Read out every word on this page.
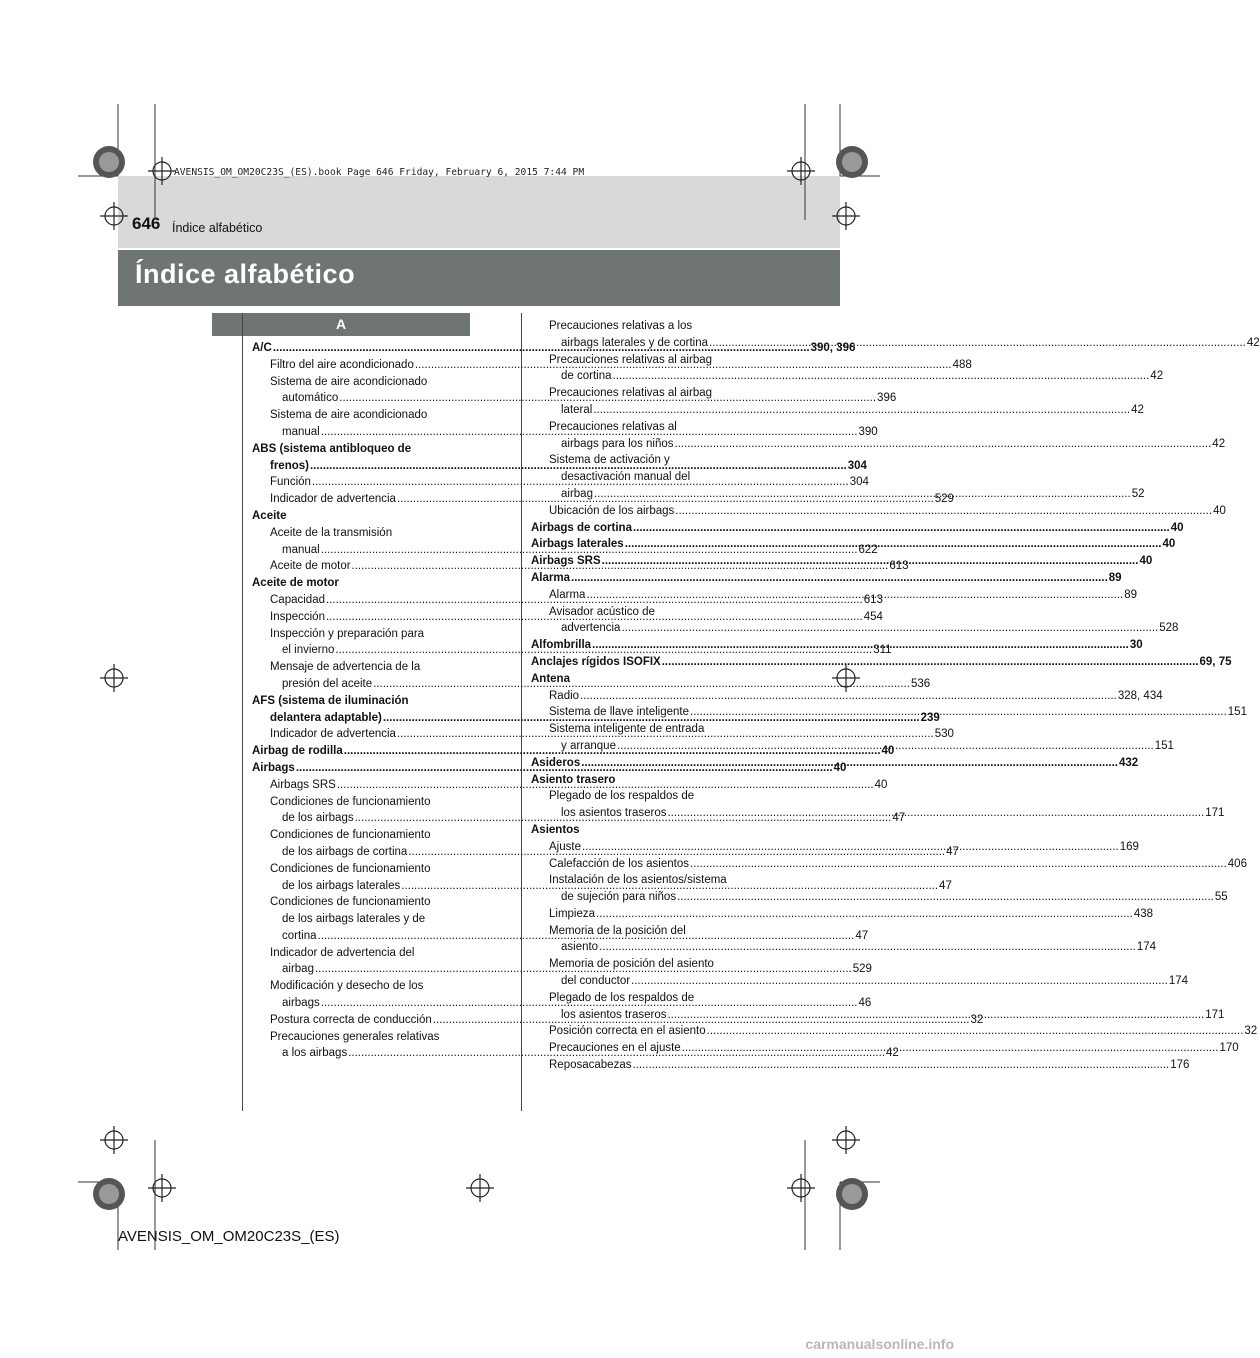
AVENSIS_OM_OM20C23S_(ES).book Page 646 Friday, February 6, 2015 7:44 PM
646 Índice alfabético
Índice alfabético
A
A/C .....	390, 396
Filtro del aire acondicionado .....	488
Sistema de aire acondicionado
automático .....	396
Sistema de aire acondicionado
manual .....	390
ABS (sistema antibloqueo de
frenos) .....	304
Función .....	304
Indicador de advertencia .....	529
Aceite
Aceite de la transmisión
manual .....	622
Aceite de motor .....	613
Aceite de motor
Capacidad .....	613
Inspección .....	454
Inspección y preparación para
el invierno .....	311
Mensaje de advertencia de la
presión del aceite .....	536
AFS (sistema de iluminación
delantera adaptable) .....	239
Indicador de advertencia .....	530
Airbag de rodilla .....	40
Airbags .....	40
Airbags SRS .....	40
Condiciones de funcionamiento
de los airbags .....	47
Condiciones de funcionamiento
de los airbags de cortina .....	47
Condiciones de funcionamiento
de los airbags laterales .....	47
Condiciones de funcionamiento
de los airbags laterales y de
cortina .....	47
Indicador de advertencia del
airbag .....	529
Modificación y desecho de los
airbags .....	46
Postura correcta de conducción .....	32
Precauciones generales relativas
a los airbags .....	42
Precauciones relativas a los
airbags laterales y de cortina .....	42
Precauciones relativas al airbag
de cortina .....	42
Precauciones relativas al airbag
lateral .....	42
Precauciones relativas al
airbags para los niños .....	42
Sistema de activación y
desactivación manual del
airbag .....	52
Ubicación de los airbags .....	40
Airbags de cortina .....	40
Airbags laterales .....	40
Airbags SRS .....	40
Alarma .....	89
Alarma .....	89
Avisador acústico de
advertencia .....	528
Alfombrilla .....	30
Anclajes rígidos ISOFIX .....	69, 75
Antena
Radio .....	328, 434
Sistema de llave inteligente .....	151
Sistema inteligente de entrada
y arranque .....	151
Asideros .....	432
Asiento trasero
Plegado de los respaldos de
los asientos traseros .....	171
Asientos
Ajuste .....	169
Calefacción de los asientos .....	406
Instalación de los asientos/sistema
de sujeción para niños .....	55
Limpieza .....	438
Memoria de la posición del
asiento .....	174
Memoria de posición del asiento
del conductor .....	174
Plegado de los respaldos de
los asientos traseros .....	171
Posición correcta en el asiento .....	32
Precauciones en el ajuste .....	170
Reposacabezas .....	176
AVENSIS_OM_OM20C23S_(ES)
carmanualsonline.info
